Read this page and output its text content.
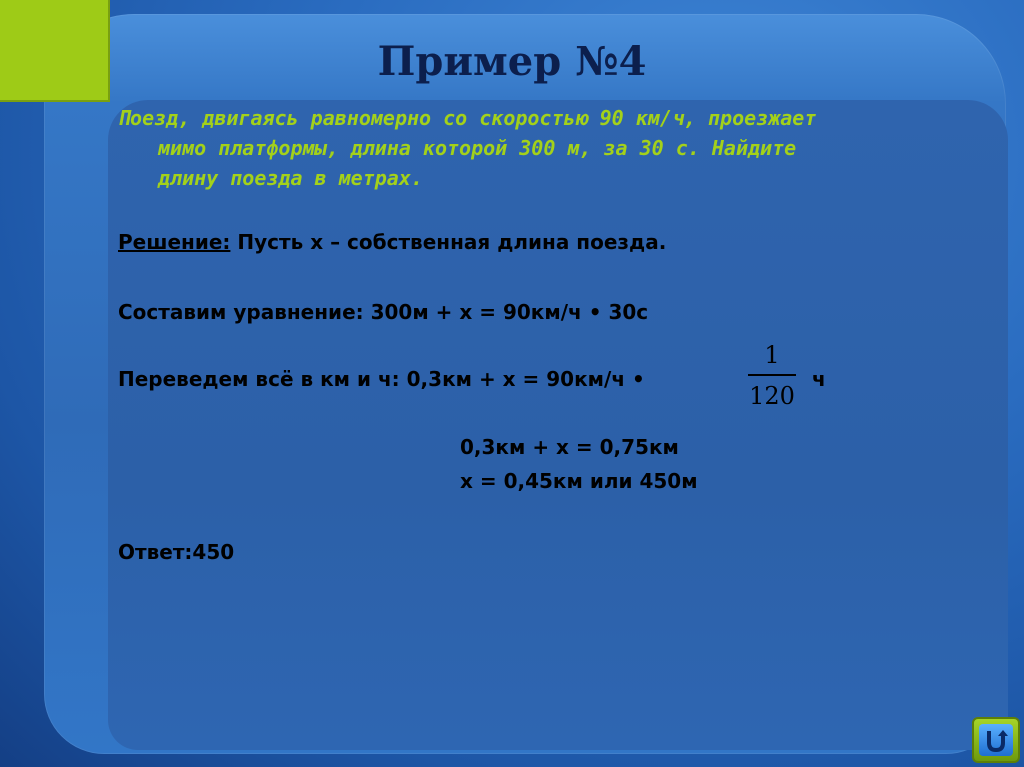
Пример №4
Поезд, двигаясь равномерно со скоростью 90 км/ч, проезжает
мимо платформы, длина которой 300 м, за 30 с. Найдите
длину поезда в метрах.
Решение: Пусть x – собственная длина поезда.
Составим уравнение: 300м + x = 90км/ч • 30с
Переведем всё в км и ч: 0,3км + x = 90км/ч •
1
120
ч
0,3км + x = 0,75км
x = 0,45км или 450м
Ответ:450
